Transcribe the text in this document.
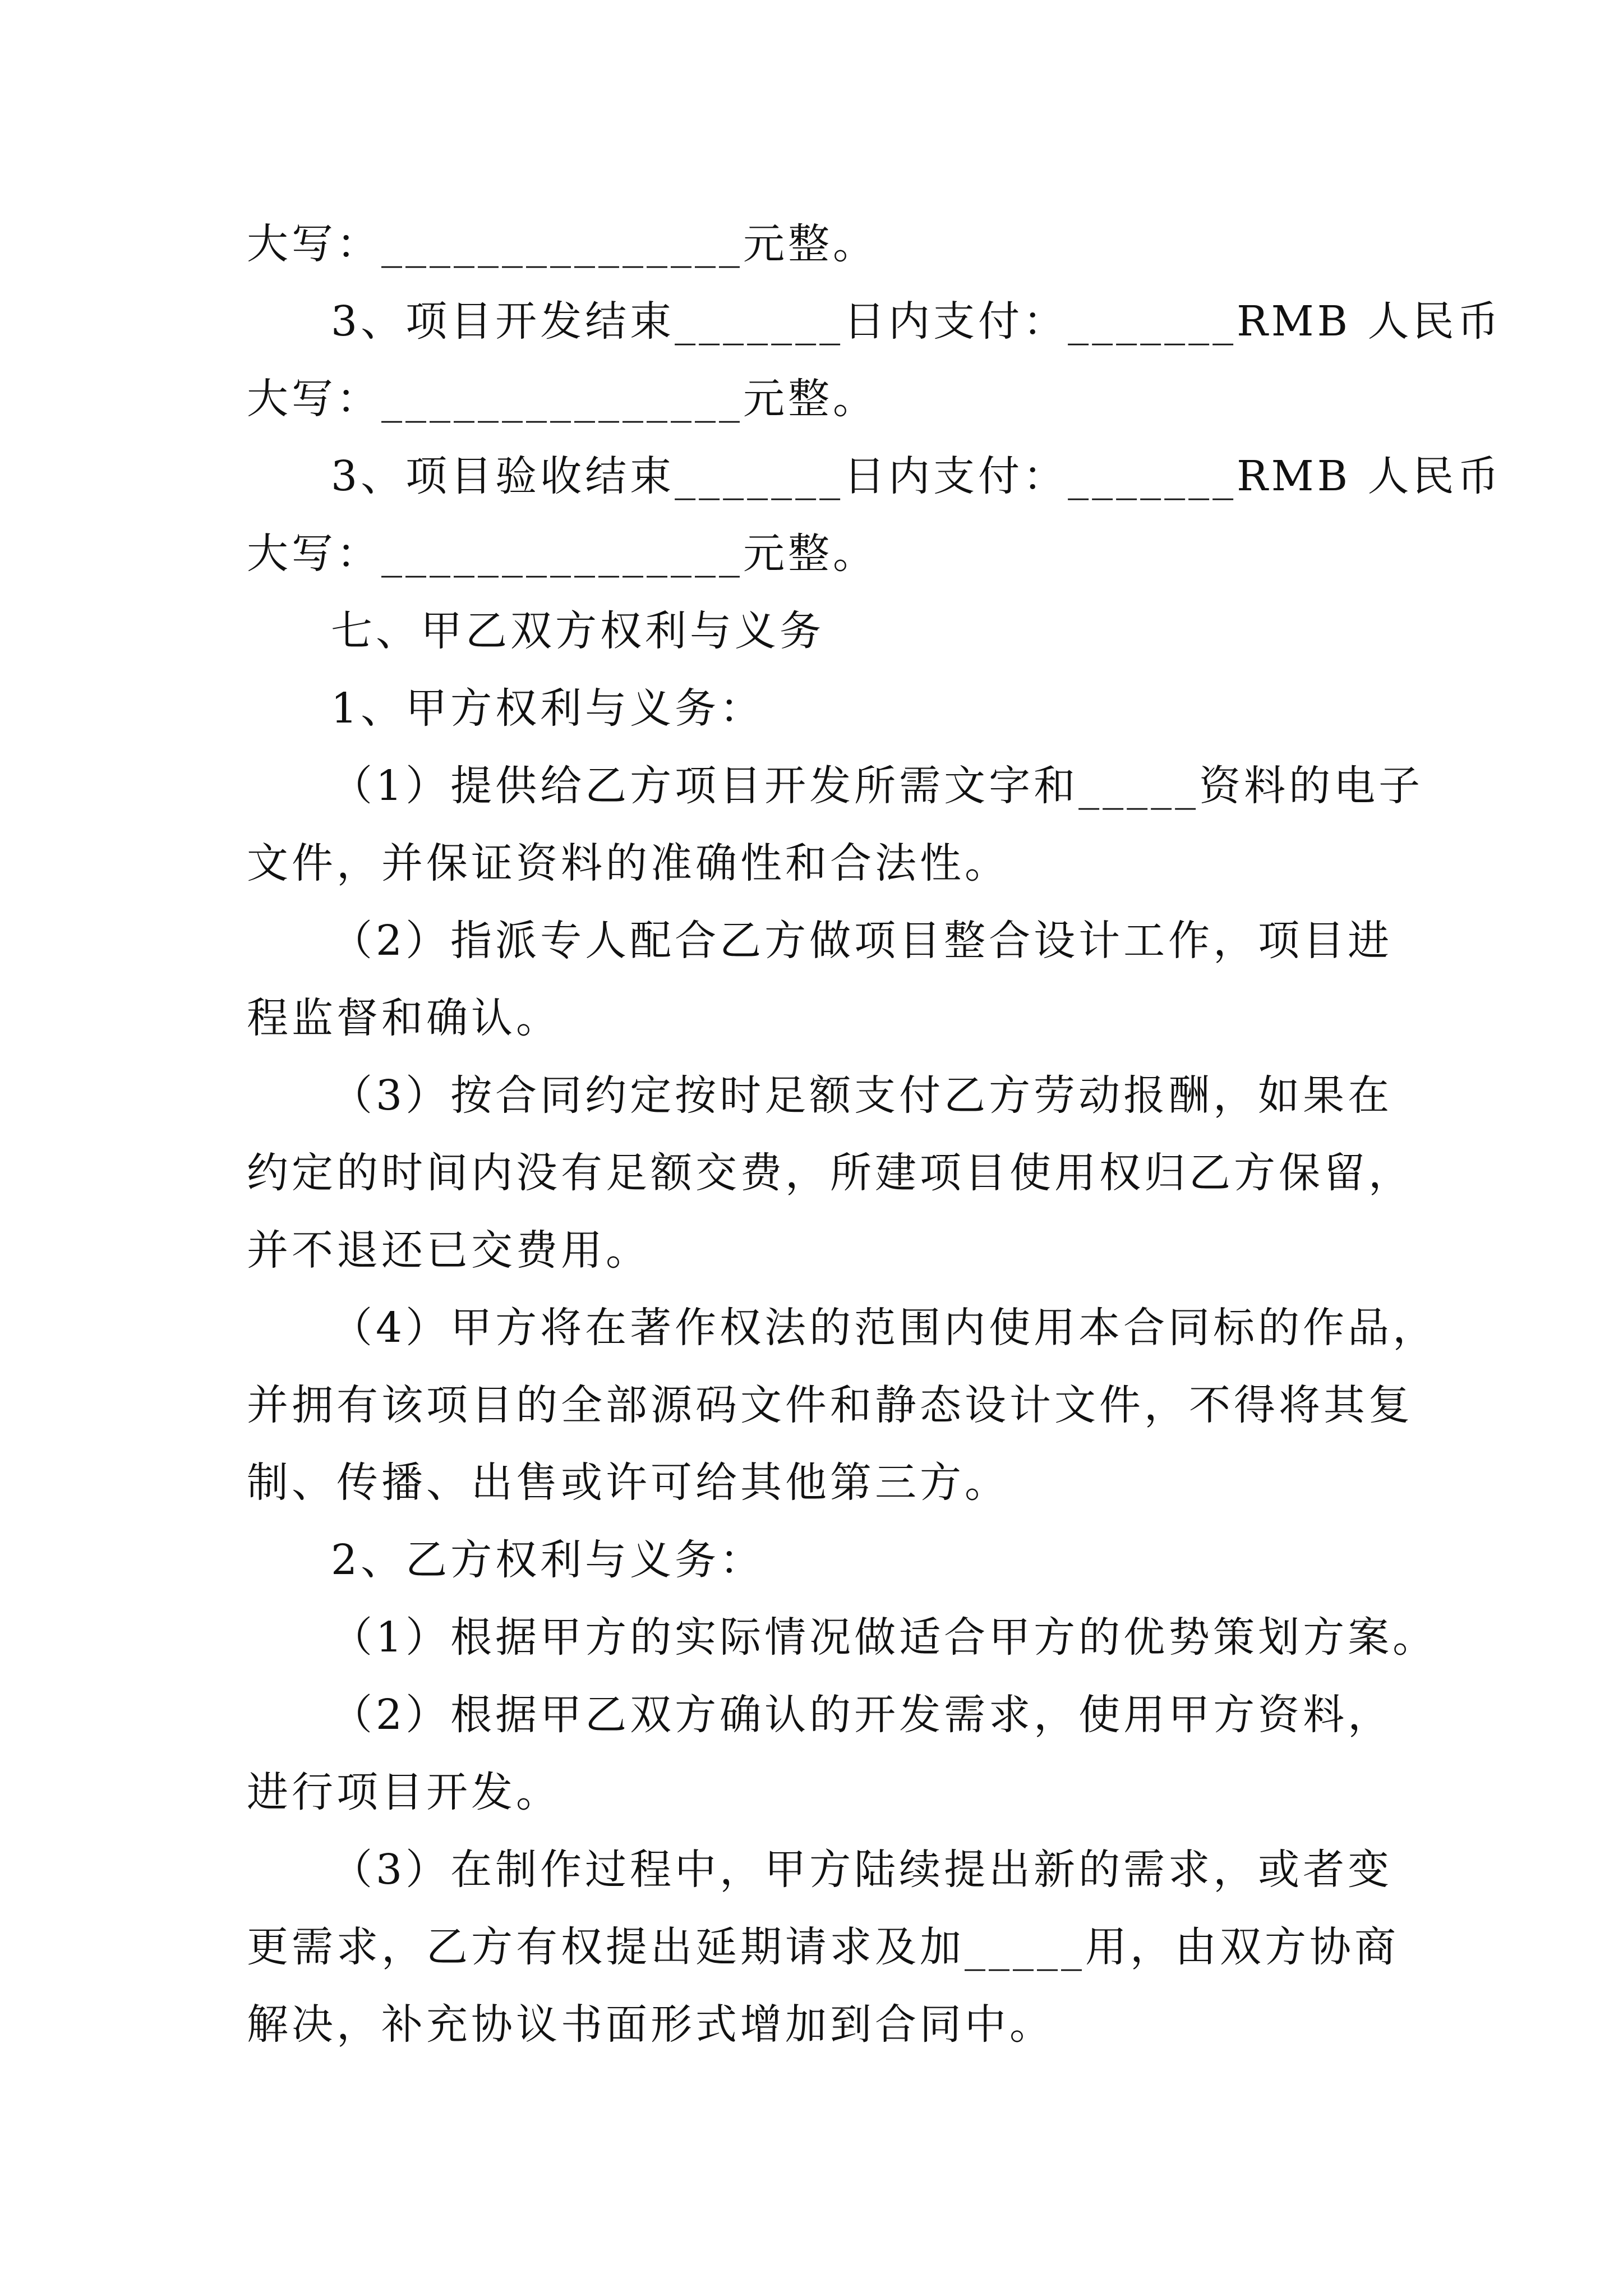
大写：_______________元整。
3、项目开发结束_______日内支付：_______RMB 人民币
大写：_______________元整。
3、项目验收结束_______日内支付：_______RMB 人民币
大写：_______________元整。
七、甲乙双方权利与义务
1、甲方权利与义务：
（1）提供给乙方项目开发所需文字和_____资料的电子
文件，并保证资料的准确性和合法性。
（2）指派专人配合乙方做项目整合设计工作，项目进
程监督和确认。
（3）按合同约定按时足额支付乙方劳动报酬，如果在
约定的时间内没有足额交费，所建项目使用权归乙方保留，
并不退还已交费用。
（4）甲方将在著作权法的范围内使用本合同标的作品，
并拥有该项目的全部源码文件和静态设计文件，不得将其复
制、传播、出售或许可给其他第三方。
2、乙方权利与义务：
（1）根据甲方的实际情况做适合甲方的优势策划方案。
（2）根据甲乙双方确认的开发需求，使用甲方资料，
进行项目开发。
（3）在制作过程中，甲方陆续提出新的需求，或者变
更需求，乙方有权提出延期请求及加_____用，由双方协商
解决，补充协议书面形式增加到合同中。
